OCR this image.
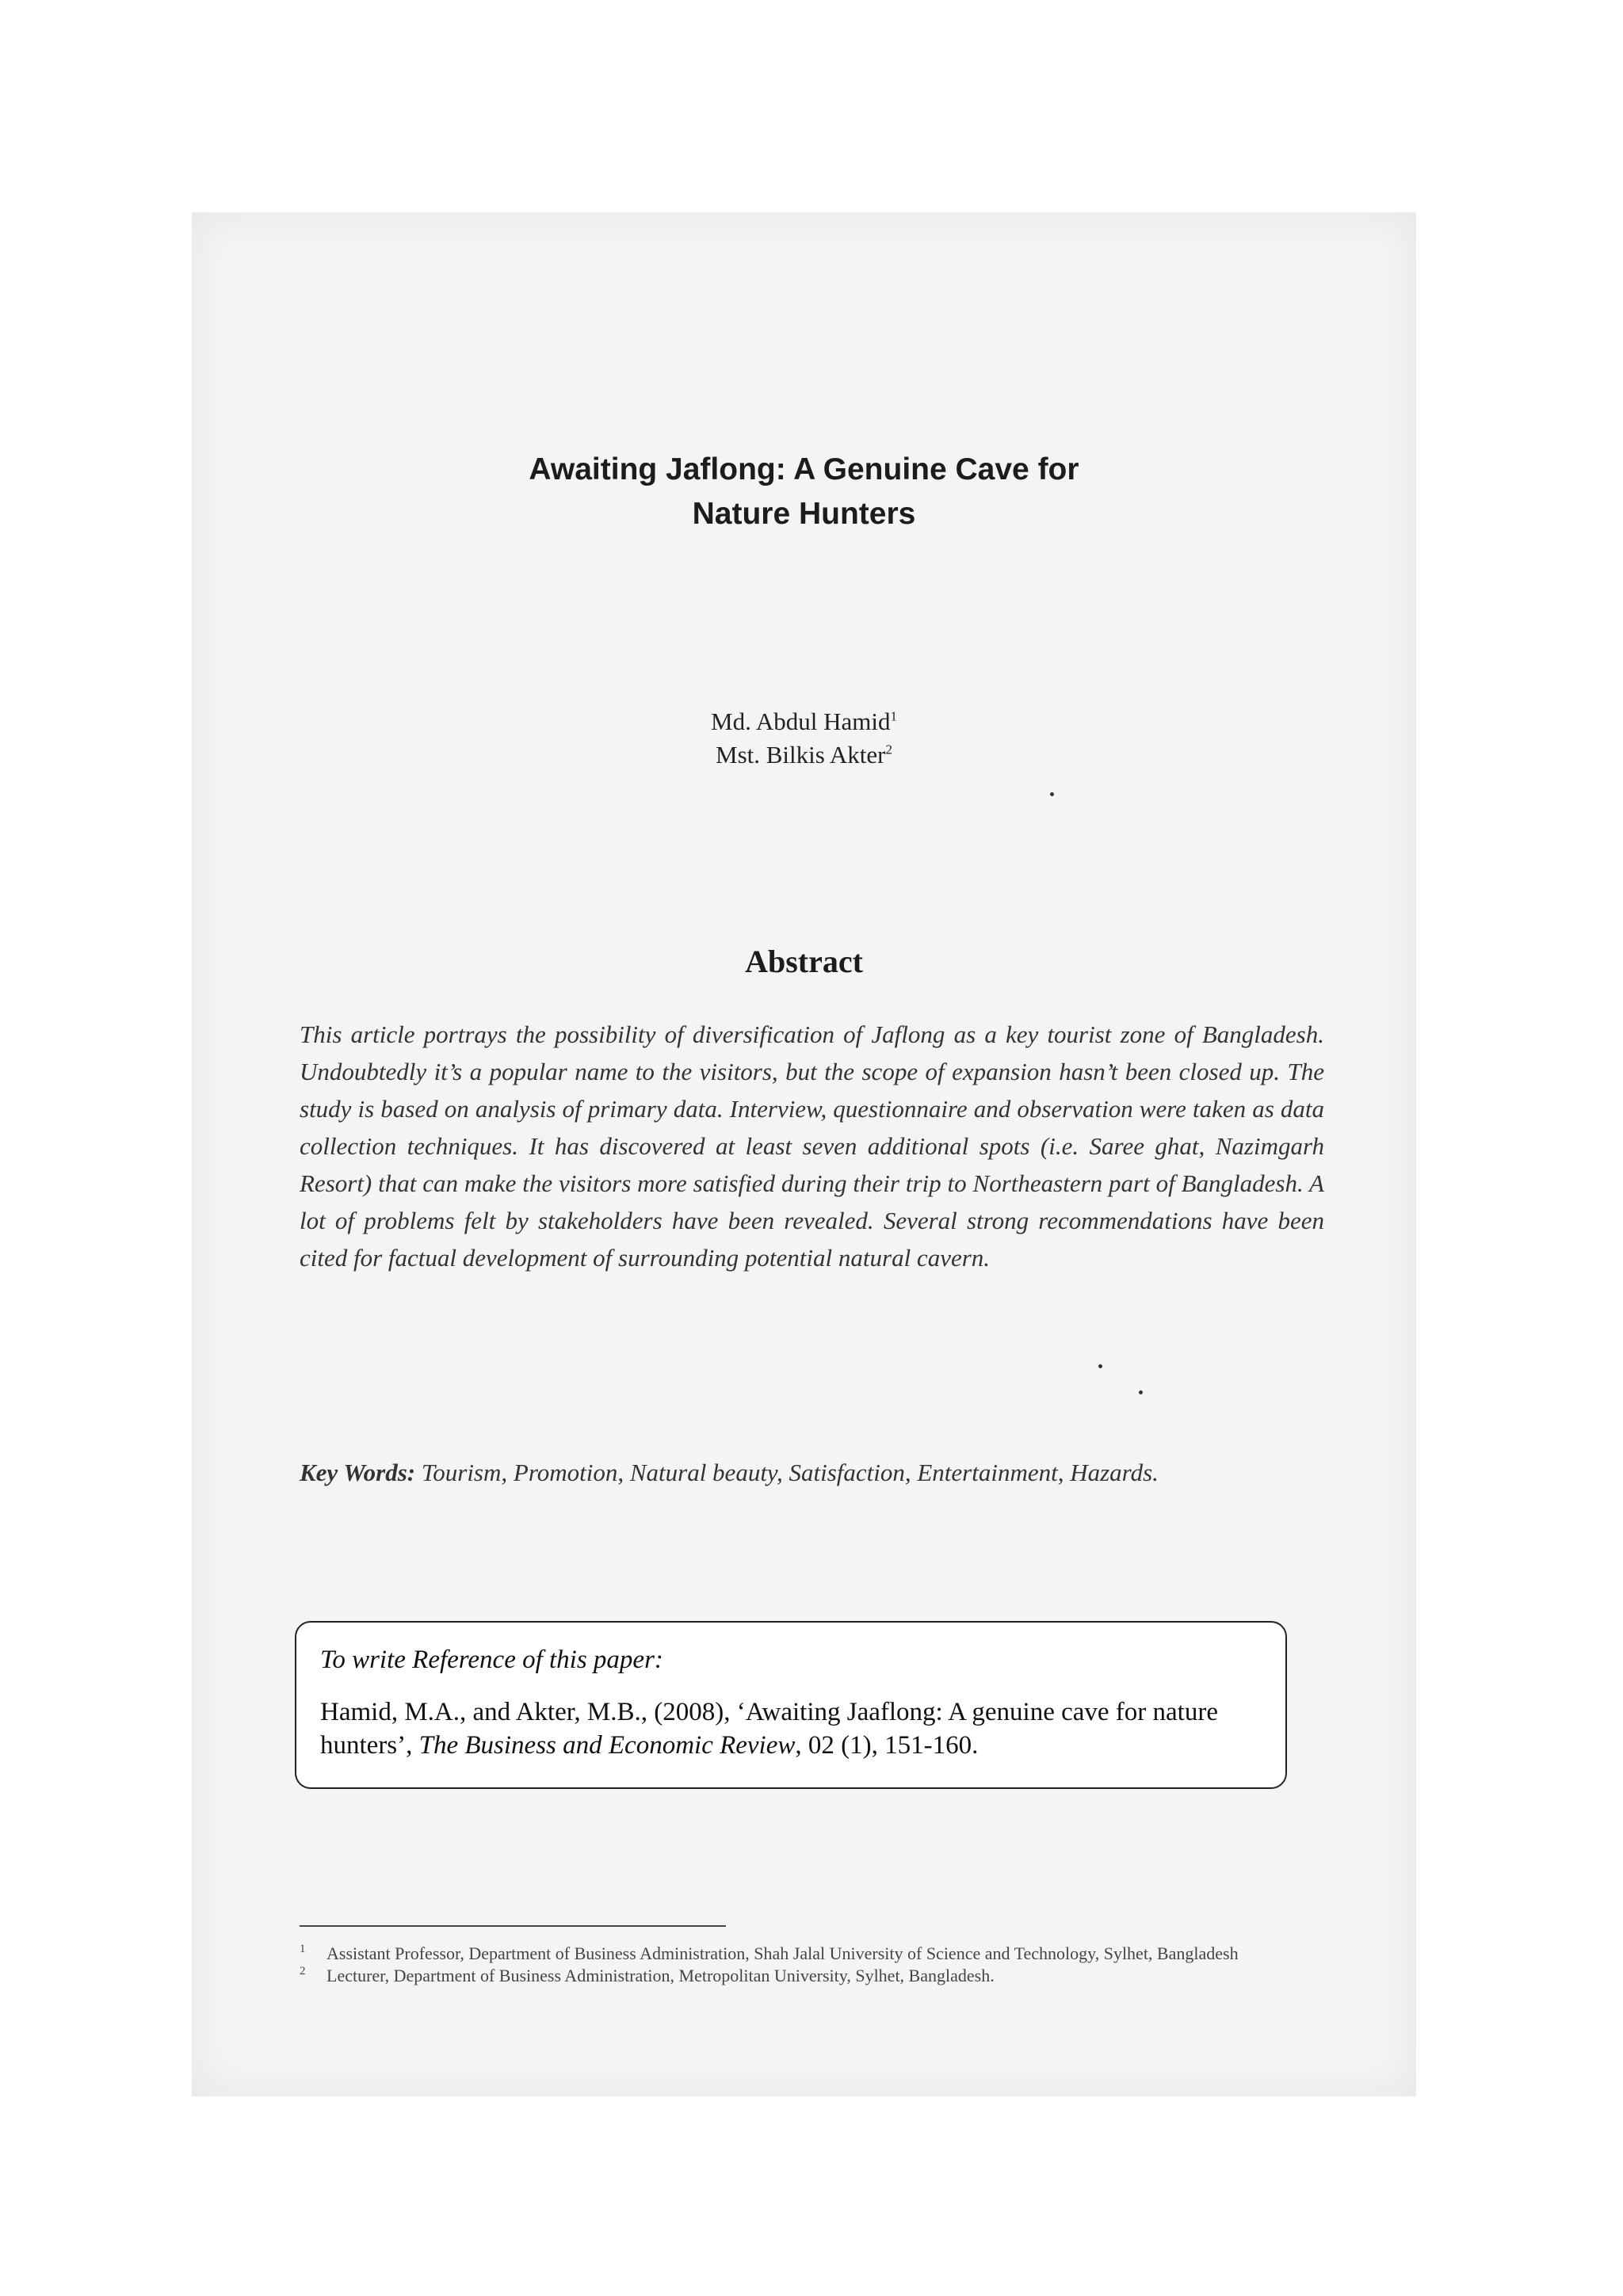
Awaiting Jaflong: A Genuine Cave for
Nature Hunters
Md. Abdul Hamid$^1$
Mst. Bilkis Akter$^2$
Abstract
This article portrays the possibility of diversification of Jaflong as a key tourist zone of Bangladesh. Undoubtedly it’s a popular name to the visitors, but the scope of expansion hasn’t been closed up. The study is based on analysis of primary data. Interview, questionnaire and observation were taken as data collection techniques. It has discovered at least seven additional spots (i.e. Saree ghat, Nazimgarh Resort) that can make the visitors more satisfied during their trip to Northeastern part of Bangladesh. A lot of problems felt by stakeholders have been revealed. Several strong recommendations have been cited for factual development of surrounding potential natural cavern.
Key Words: Tourism, Promotion, Natural beauty, Satisfaction, Entertainment, Hazards.
To write Reference of this paper:
Hamid, M.A., and Akter, M.B., (2008), ‘Awaiting Jaaflong: A genuine cave for nature hunters’, The Business and Economic Review, 02 (1), 151-160.
1 Assistant Professor, Department of Business Administration, Shah Jalal University of Science and Technology, Sylhet, Bangladesh
2 Lecturer, Department of Business Administration, Metropolitan University, Sylhet, Bangladesh.
